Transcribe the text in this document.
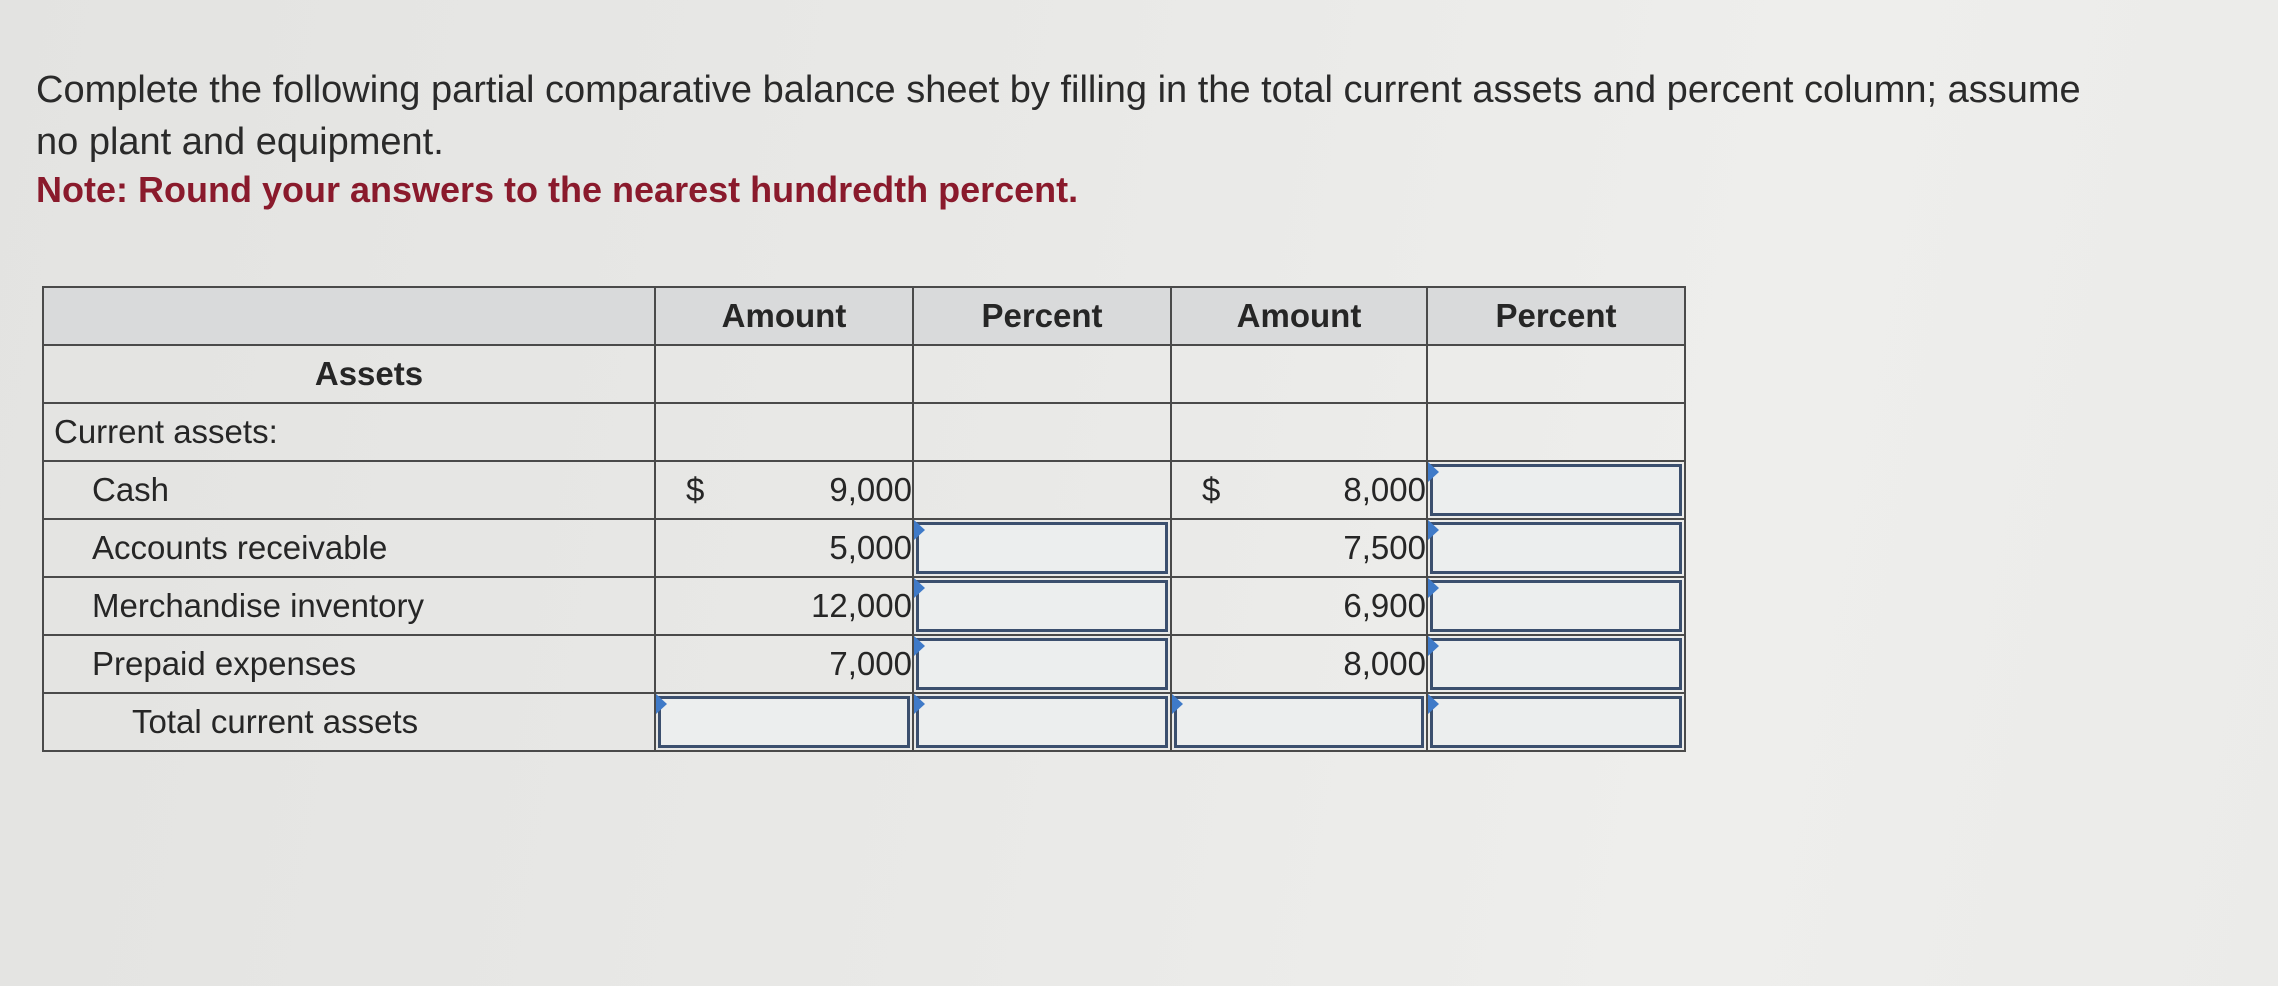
Complete the following partial comparative balance sheet by filling in the total current assets and percent column; assume
no plant and equipment.
Note: Round your answers to the nearest hundredth percent.
	Amount	Percent	Amount	Percent
Assets				
Current assets:				
Cash	$ 9,000		$ 8,000	

Accounts receivable	5,000		7,500	

Merchandise inventory	12,000		6,900	

Prepaid expenses	7,000		8,000	

Total current assets	
